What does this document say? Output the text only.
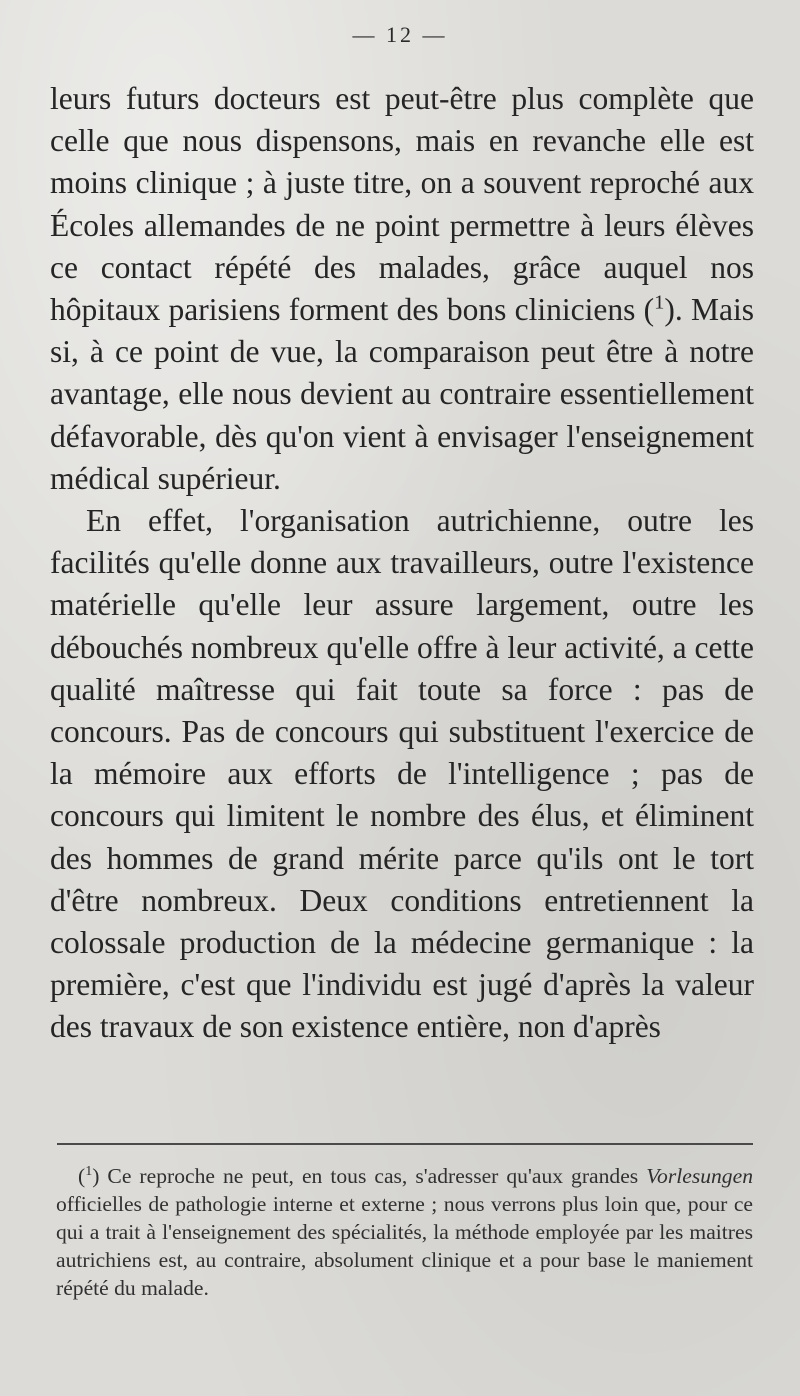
— 12 —

leurs futurs docteurs est peut-être plus complète que celle que nous dispensons, mais en revanche elle est moins clinique ; à juste titre, on a souvent reproché aux Écoles allemandes de ne point permettre à leurs élèves ce contact répété des malades, grâce auquel nos hôpitaux parisiens forment des bons cliniciens ($^1$). Mais si, à ce point de vue, la comparaison peut être à notre avantage, elle nous devient au contraire essentiellement défavorable, dès qu'on vient à envisager l'enseignement médical supérieur.

En effet, l'organisation autrichienne, outre les facilités qu'elle donne aux travailleurs, outre l'existence matérielle qu'elle leur assure largement, outre les débouchés nombreux qu'elle offre à leur activité, a cette qualité maîtresse qui fait toute sa force : pas de concours. Pas de concours qui substituent l'exercice de la mémoire aux efforts de l'intelligence ; pas de concours qui limitent le nombre des élus, et éliminent des hommes de grand mérite parce qu'ils ont le tort d'être nombreux. Deux conditions entretiennent la colossale production de la médecine germanique : la première, c'est que l'individu est jugé d'après la valeur des travaux de son existence entière, non d'après

($^1$) Ce reproche ne peut, en tous cas, s'adresser qu'aux grandes Vorlesungen officielles de pathologie interne et externe ; nous verrons plus loin que, pour ce qui a trait à l'enseignement des spécialités, la méthode employée par les maitres autrichiens est, au contraire, absolument clinique et a pour base le maniement répété du malade.
